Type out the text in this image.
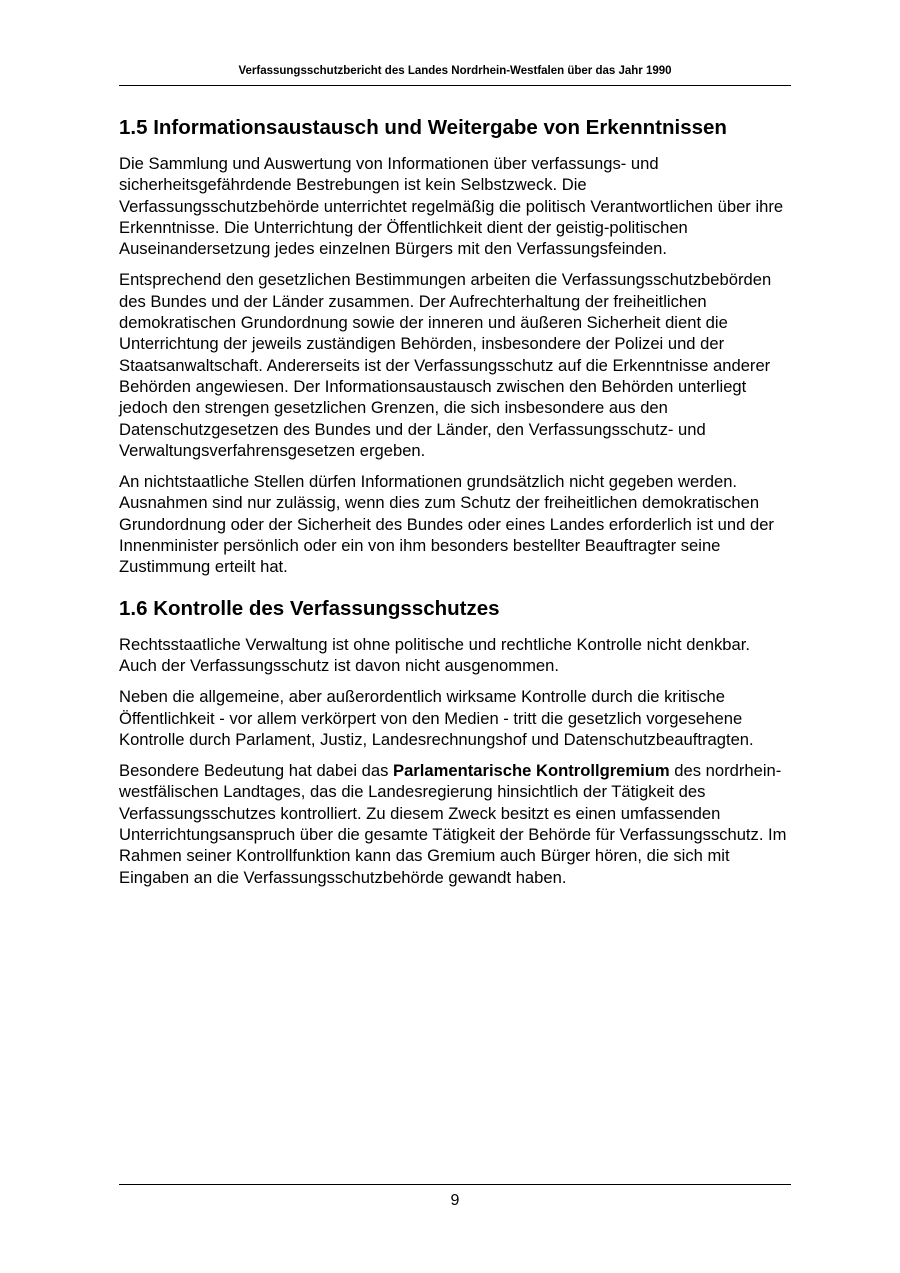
Verfassungsschutzbericht des Landes Nordrhein-Westfalen über das Jahr 1990
1.5 Informationsaustausch und Weitergabe von Erkenntnissen

Die Sammlung und Auswertung von Informationen über verfassungs- und sicherheitsgefährdende Bestrebungen ist kein Selbstzweck. Die Verfassungsschutzbehörde unterrichtet regelmäßig die politisch Verantwortlichen über ihre Erkenntnisse. Die Unterrichtung der Öffentlichkeit dient der geistig-politischen Auseinandersetzung jedes einzelnen Bürgers mit den Verfassungsfeinden.

Entsprechend den gesetzlichen Bestimmungen arbeiten die Verfassungsschutzbebörden des Bundes und der Länder zusammen. Der Aufrechterhaltung der freiheitlichen demokratischen Grundordnung sowie der inneren und äußeren Sicherheit dient die Unterrichtung der jeweils zuständigen Behörden, insbesondere der Polizei und der Staatsanwaltschaft. Andererseits ist der Verfassungsschutz auf die Erkenntnisse anderer Behörden angewiesen. Der Informationsaustausch zwischen den Behörden unterliegt jedoch den strengen gesetzlichen Grenzen, die sich insbesondere aus den Datenschutzgesetzen des Bundes und der Länder, den Verfassungsschutz- und Verwaltungsverfahrensgesetzen ergeben.

An nichtstaatliche Stellen dürfen Informationen grundsätzlich nicht gegeben werden. Ausnahmen sind nur zulässig, wenn dies zum Schutz der freiheitlichen demokratischen Grundordnung oder der Sicherheit des Bundes oder eines Landes erforderlich ist und der Innenminister persönlich oder ein von ihm besonders bestellter Beauftragter seine Zustimmung erteilt hat.

1.6 Kontrolle des Verfassungsschutzes

Rechtsstaatliche Verwaltung ist ohne politische und rechtliche Kontrolle nicht denkbar. Auch der Verfassungsschutz ist davon nicht ausgenommen.

Neben die allgemeine, aber außerordentlich wirksame Kontrolle durch die kritische Öffentlichkeit - vor allem verkörpert von den Medien - tritt die gesetzlich vorgesehene Kontrolle durch Parlament, Justiz, Landesrechnungshof und Datenschutzbeauftragten.

Besondere Bedeutung hat dabei das Parlamentarische Kontrollgremium des nordrhein-westfälischen Landtages, das die Landesregierung hinsichtlich der Tätigkeit des Verfassungsschutzes kontrolliert. Zu diesem Zweck besitzt es einen umfassenden Unterrichtungsanspruch über die gesamte Tätigkeit der Behörde für Verfassungsschutz. Im Rahmen seiner Kontrollfunktion kann das Gremium auch Bürger hören, die sich mit Eingaben an die Verfassungsschutzbehörde gewandt haben.

9
